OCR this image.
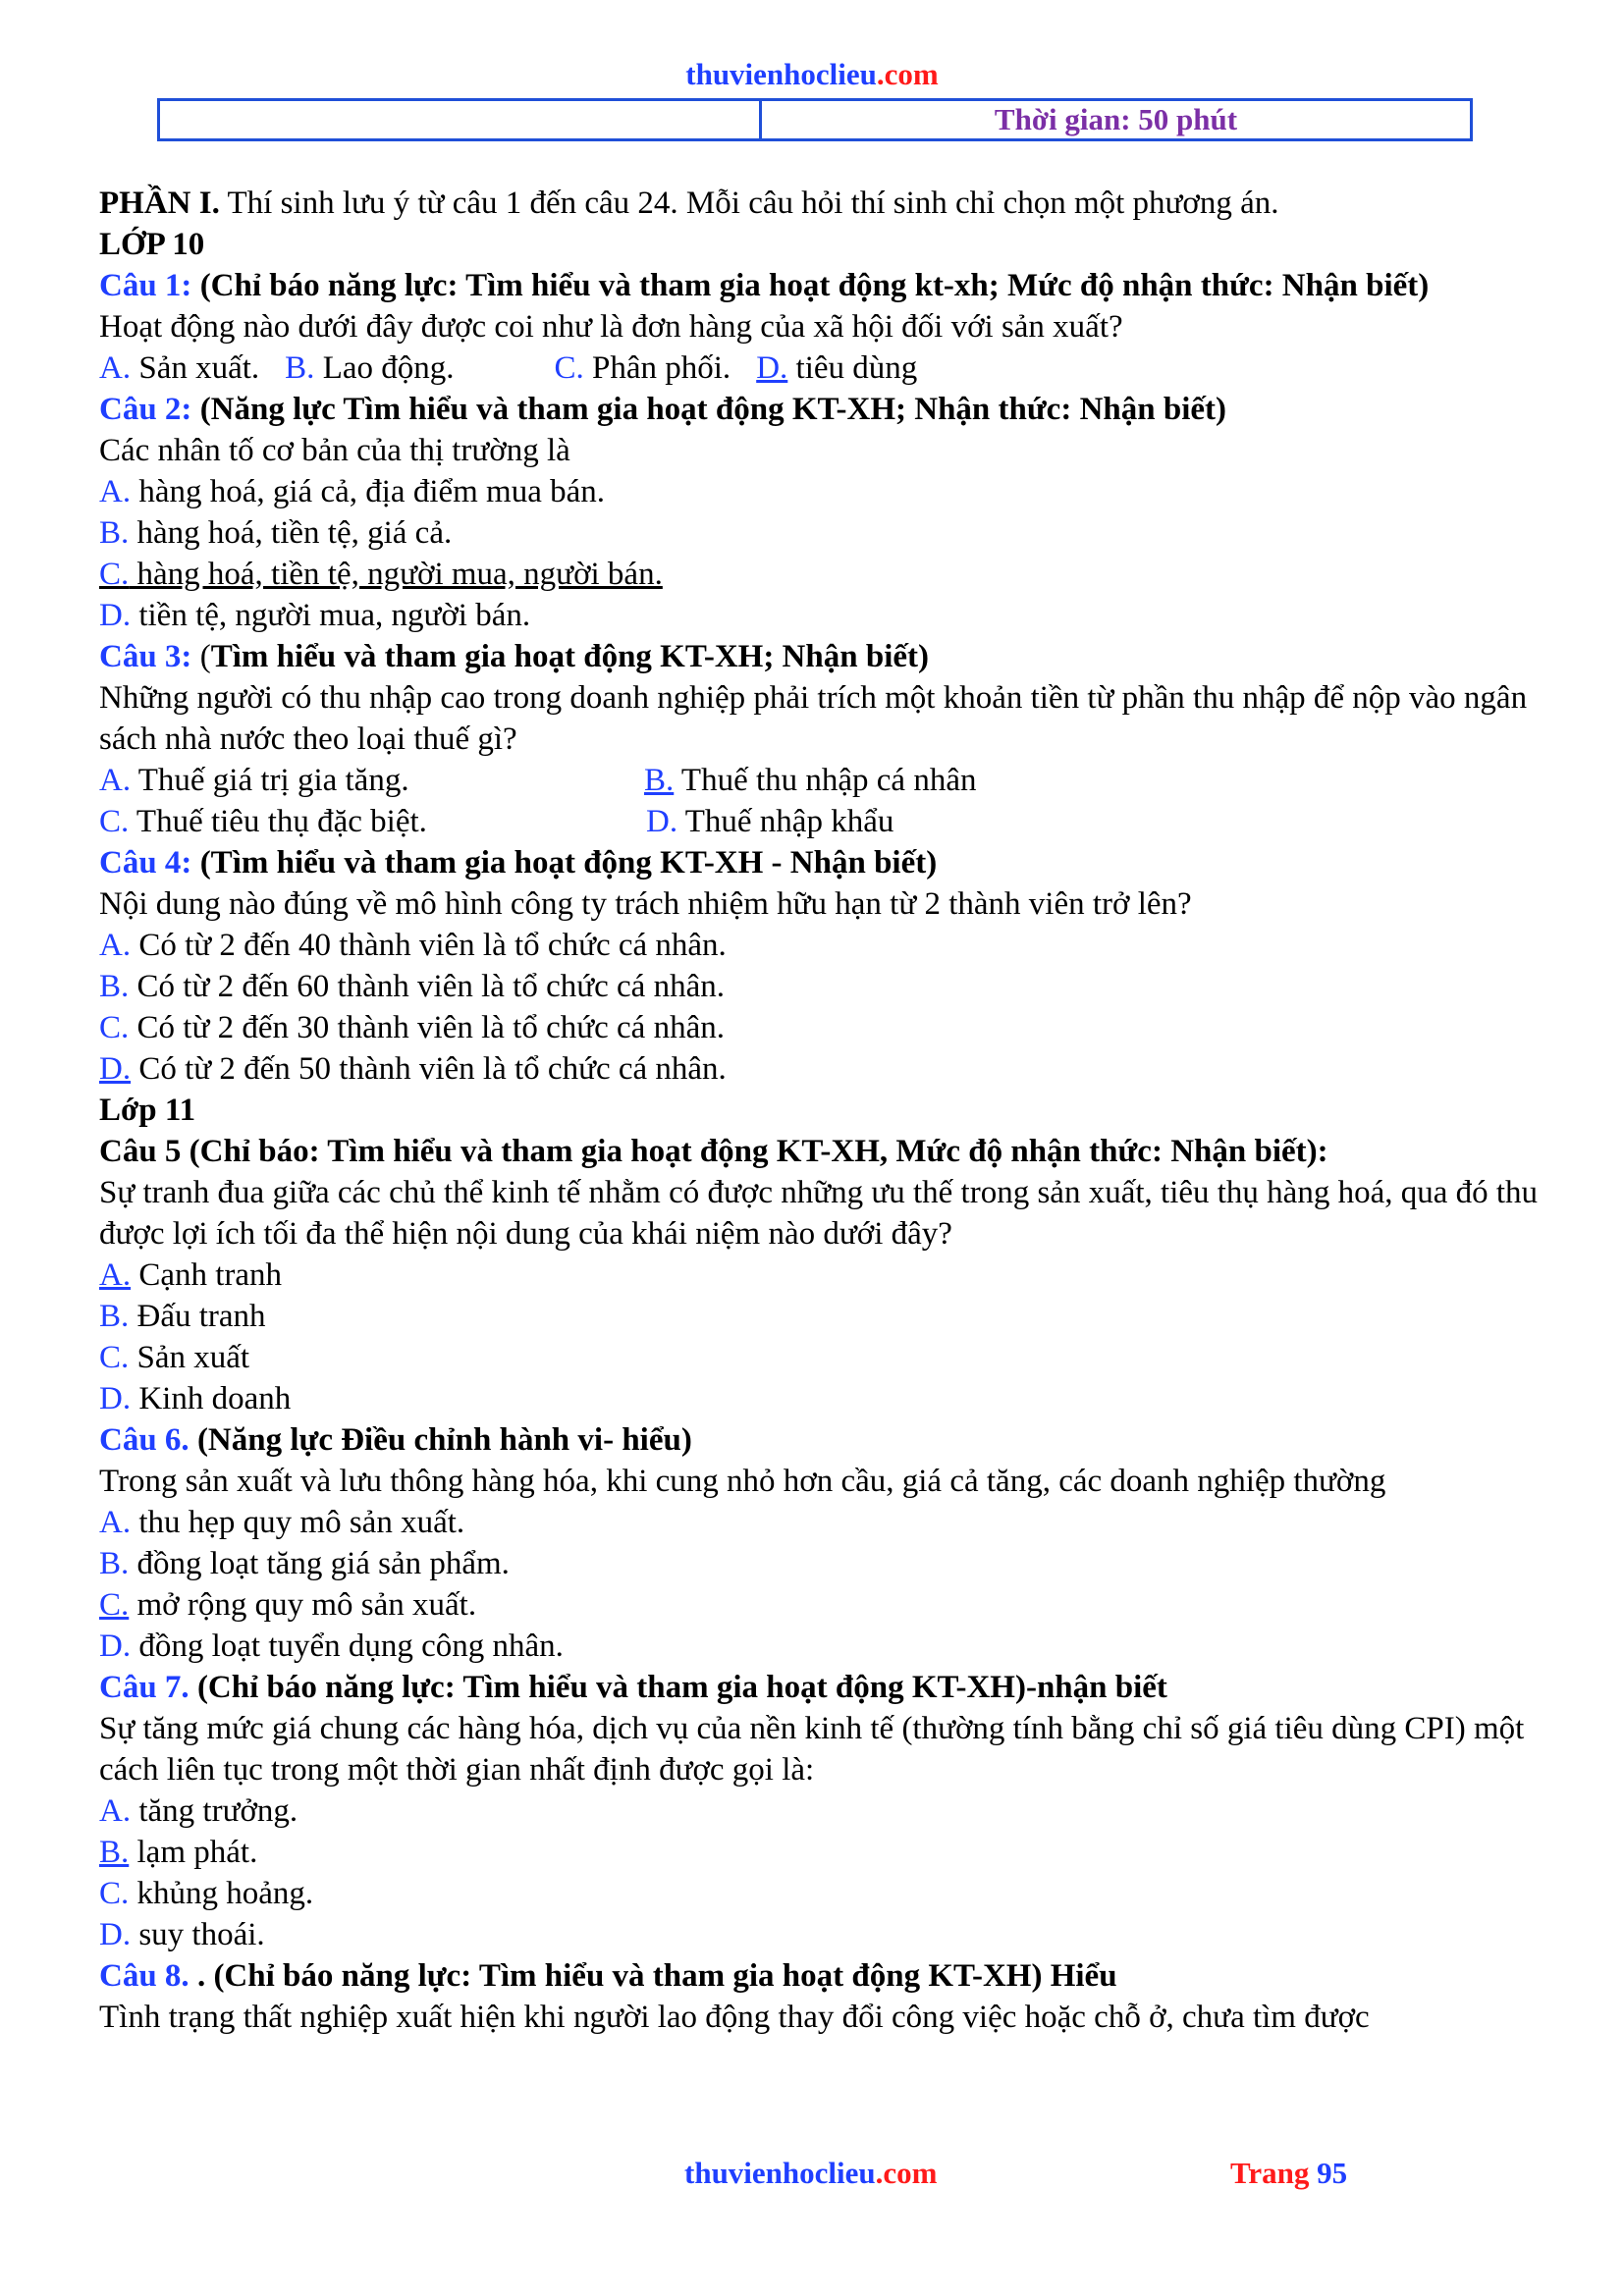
thuvienhoclieu.com
Thời gian: 50 phút
PHẦN I. Thí sinh lưu ý từ câu 1 đến câu 24. Mỗi câu hỏi thí sinh chỉ chọn một phương án.
LỚP 10
Câu 1: (Chỉ báo năng lực: Tìm hiểu và tham gia hoạt động kt-xh; Mức độ nhận thức: Nhận biết)
Hoạt động nào dưới đây được coi như là đơn hàng của xã hội đối với sản xuất?
A. Sản xuất. B. Lao động.	C. Phân phối. D. tiêu dùng
Câu 2: (Năng lực Tìm hiểu và tham gia hoạt động KT-XH; Nhận thức: Nhận biết)
Các nhân tố cơ bản của thị trường là
A. hàng hoá, giá cả, địa điểm mua bán.
B. hàng hoá, tiền tệ, giá cả.
C. hàng hoá, tiền tệ, người mua, người bán.
D. tiền tệ, người mua, người bán.
Câu 3: (Tìm hiểu và tham gia hoạt động KT-XH; Nhận biết)
Những người có thu nhập cao trong doanh nghiệp phải trích một khoản tiền từ phần thu nhập để nộp vào ngân sách nhà nước theo loại thuế gì?
A. Thuế giá trị gia tăng.	B. Thuế thu nhập cá nhân
C. Thuế tiêu thụ đặc biệt.	D. Thuế nhập khẩu
Câu 4: (Tìm hiểu và tham gia hoạt động KT-XH - Nhận biết)
Nội dung nào đúng về mô hình công ty trách nhiệm hữu hạn từ 2 thành viên trở lên?
A. Có từ 2 đến 40 thành viên là tổ chức cá nhân.
B. Có từ 2 đến 60 thành viên là tổ chức cá nhân.
C. Có từ 2 đến 30 thành viên là tổ chức cá nhân.
D. Có từ 2 đến 50 thành viên là tổ chức cá nhân.
Lớp 11
Câu 5 (Chỉ báo: Tìm hiểu và tham gia hoạt động KT-XH, Mức độ nhận thức: Nhận biết):
Sự tranh đua giữa các chủ thể kinh tế nhằm có được những ưu thế trong sản xuất, tiêu thụ hàng hoá, qua đó thu được lợi ích tối đa thể hiện nội dung của khái niệm nào dưới đây?
A. Cạnh tranh
B. Đấu tranh
C. Sản xuất
D. Kinh doanh
Câu 6. (Năng lực Điều chỉnh hành vi- hiểu)
Trong sản xuất và lưu thông hàng hóa, khi cung nhỏ hơn cầu, giá cả tăng, các doanh nghiệp thường
A. thu hẹp quy mô sản xuất.
B. đồng loạt tăng giá sản phẩm.
C. mở rộng quy mô sản xuất.
D. đồng loạt tuyển dụng công nhân.
Câu 7. (Chỉ báo năng lực: Tìm hiểu và tham gia hoạt động KT-XH)-nhận biết
Sự tăng mức giá chung các hàng hóa, dịch vụ của nền kinh tế (thường tính bằng chỉ số giá tiêu dùng CPI) một cách liên tục trong một thời gian nhất định được gọi là:
A. tăng trưởng.
B. lạm phát.
C. khủng hoảng.
D. suy thoái.
Câu 8. . (Chỉ báo năng lực: Tìm hiểu và tham gia hoạt động KT-XH) Hiểu
Tình trạng thất nghiệp xuất hiện khi người lao động thay đổi công việc hoặc chỗ ở, chưa tìm được
thuvienhoclieu.com	Trang 95
